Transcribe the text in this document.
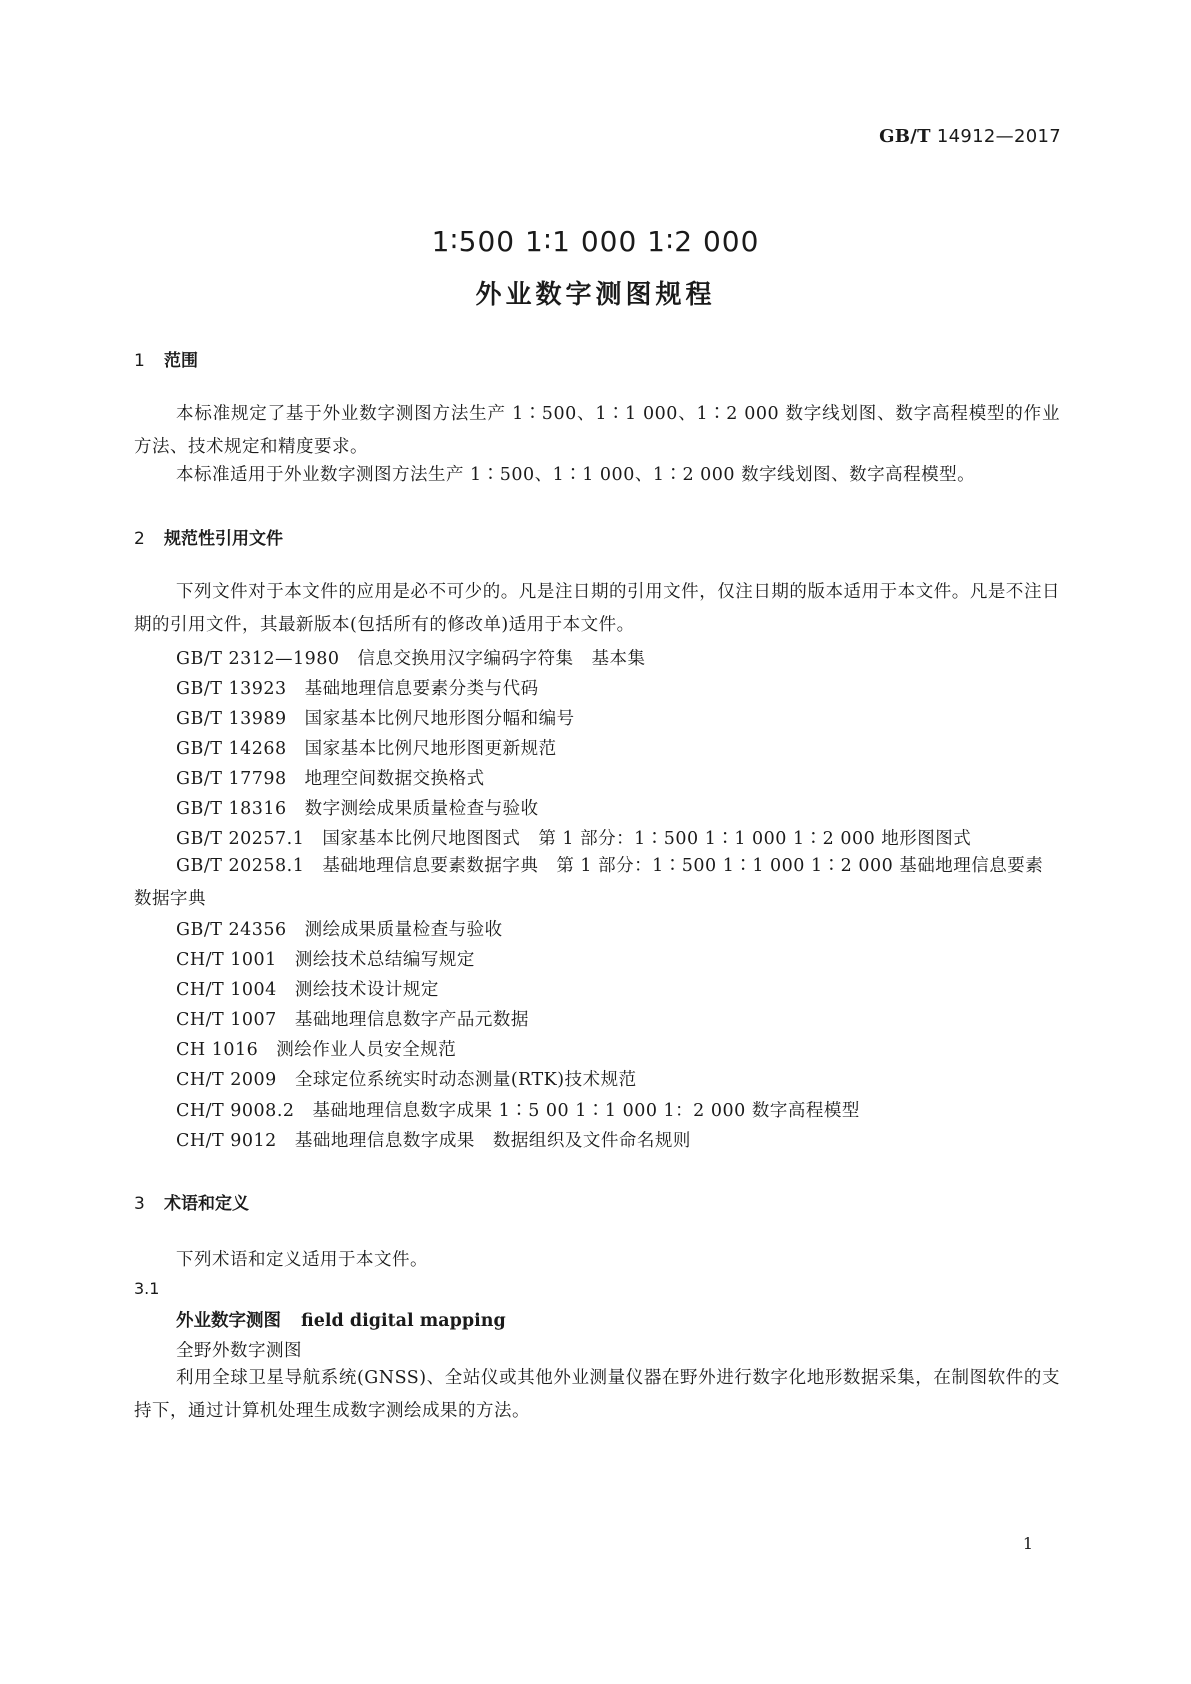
GB/T 14912—2017
1∶500 1∶1 000 1∶2 000
外业数字测图规程
1 范围
本标准规定了基于外业数字测图方法生产 1∶500、1∶1 000、1∶2 000 数字线划图、数字高程模型的作业方法、技术规定和精度要求。
本标准适用于外业数字测图方法生产 1∶500、1∶1 000、1∶2 000 数字线划图、数字高程模型。
2 规范性引用文件
下列文件对于本文件的应用是必不可少的。凡是注日期的引用文件，仅注日期的版本适用于本文件。凡是不注日期的引用文件，其最新版本(包括所有的修改单)适用于本文件。
GB/T 2312—1980　信息交换用汉字编码字符集　基本集
GB/T 13923　基础地理信息要素分类与代码
GB/T 13989　国家基本比例尺地形图分幅和编号
GB/T 14268　国家基本比例尺地形图更新规范
GB/T 17798　地理空间数据交换格式
GB/T 18316　数字测绘成果质量检查与验收
GB/T 20257.1　国家基本比例尺地图图式　第 1 部分：1∶500 1∶1 000 1∶2 000 地形图图式
GB/T 20258.1　基础地理信息要素数据字典　第 1 部分：1∶500 1∶1 000 1∶2 000 基础地理信息要素数据字典
GB/T 24356　测绘成果质量检查与验收
CH/T 1001　测绘技术总结编写规定
CH/T 1004　测绘技术设计规定
CH/T 1007　基础地理信息数字产品元数据
CH 1016　测绘作业人员安全规范
CH/T 2009　全球定位系统实时动态测量(RTK)技术规范
CH/T 9008.2　基础地理信息数字成果 1∶5 00 1∶1 000 1：2 000 数字高程模型
CH/T 9012　基础地理信息数字成果　数据组织及文件命名规则
3 术语和定义
下列术语和定义适用于本文件。
3.1
外业数字测图 field digital mapping
全野外数字测图
利用全球卫星导航系统(GNSS)、全站仪或其他外业测量仪器在野外进行数字化地形数据采集，在制图软件的支持下，通过计算机处理生成数字测绘成果的方法。
1
